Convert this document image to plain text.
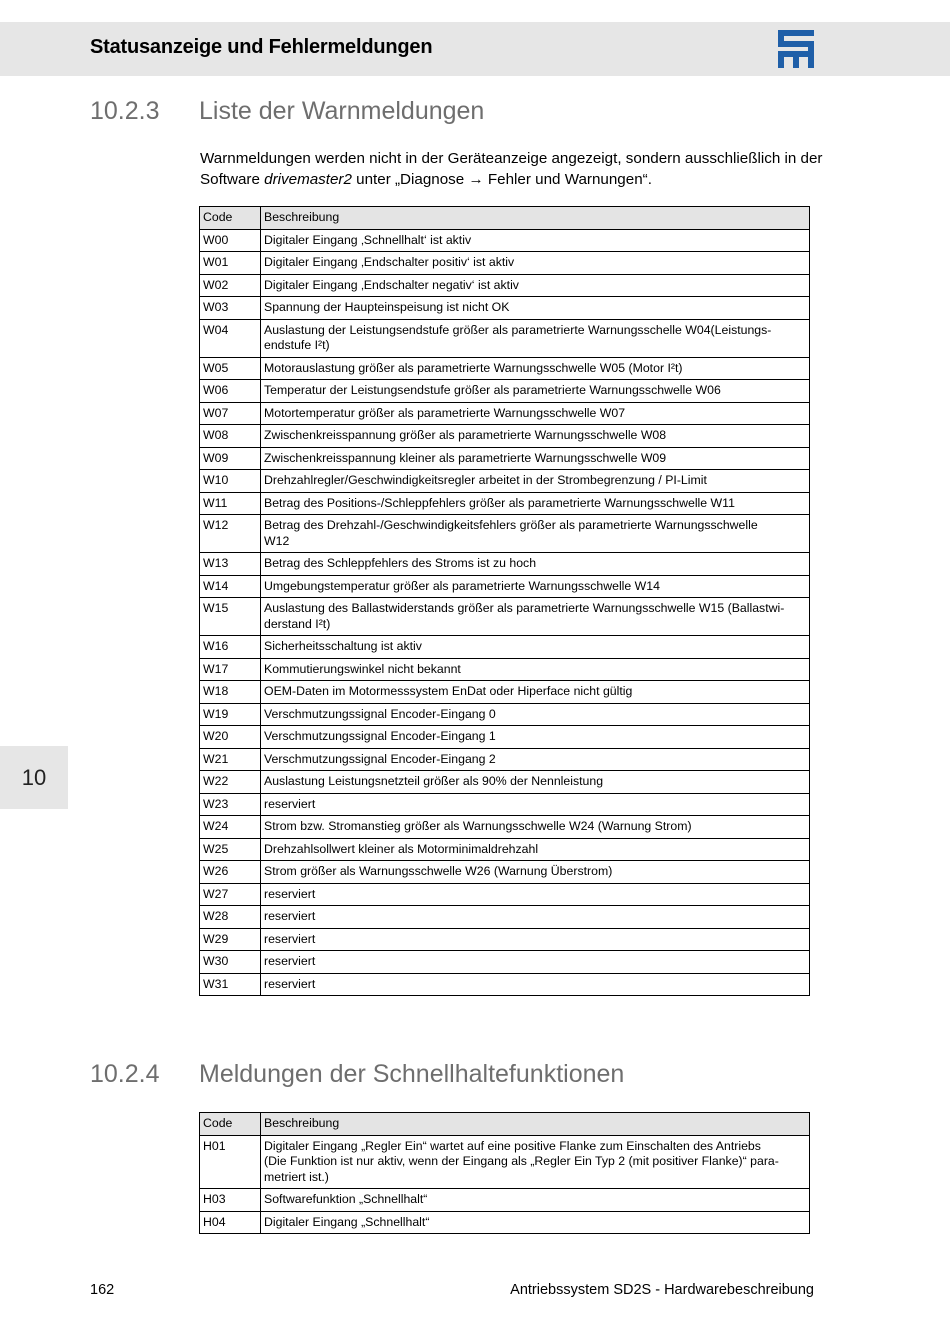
Statusanzeige und Fehlermeldungen
10.2.3 Liste der Warnmeldungen
Warnmeldungen werden nicht in der Geräteanzeige angezeigt, sondern ausschließlich in der Software drivemaster2 unter „Diagnose → Fehler und Warnungen“.
Code	Beschreibung
W00	Digitaler Eingang ‚Schnellhalt‘ ist aktiv
W01	Digitaler Eingang ‚Endschalter positiv‘ ist aktiv
W02	Digitaler Eingang ‚Endschalter negativ‘ ist aktiv
W03	Spannung der Haupteinspeisung ist nicht OK
W04	Auslastung der Leistungsendstufe größer als parametrierte Warnungsschelle W04(Leistungs-
endstufe I²t)
W05	Motorauslastung größer als parametrierte Warnungsschwelle W05 (Motor I²t)
W06	Temperatur der Leistungsendstufe größer als parametrierte Warnungsschwelle W06
W07	Motortemperatur größer als parametrierte Warnungsschwelle W07
W08	Zwischenkreisspannung größer als parametrierte Warnungsschwelle W08
W09	Zwischenkreisspannung kleiner als parametrierte Warnungsschwelle W09
W10	Drehzahlregler/Geschwindigkeitsregler arbeitet in der Strombegrenzung / PI-Limit
W11	Betrag des Positions-/Schleppfehlers größer als parametrierte Warnungsschwelle W11
W12	Betrag des Drehzahl-/Geschwindigkeitsfehlers größer als parametrierte Warnungsschwelle
W12
W13	Betrag des Schleppfehlers des Stroms ist zu hoch
W14	Umgebungstemperatur größer als parametrierte Warnungsschwelle W14
W15	Auslastung des Ballastwiderstands größer als parametrierte Warnungsschwelle W15 (Ballastwi-
derstand I²t)
W16	Sicherheitsschaltung ist aktiv
W17	Kommutierungswinkel nicht bekannt
W18	OEM-Daten im Motormesssystem EnDat oder Hiperface nicht gültig
W19	Verschmutzungssignal Encoder-Eingang 0
W20	Verschmutzungssignal Encoder-Eingang 1
W21	Verschmutzungssignal Encoder-Eingang 2
W22	Auslastung Leistungsnetzteil größer als 90% der Nennleistung
W23	reserviert
W24	Strom bzw. Stromanstieg größer als Warnungsschwelle W24 (Warnung Strom)
W25	Drehzahlsollwert kleiner als Motorminimaldrehzahl
W26	Strom größer als Warnungsschwelle W26 (Warnung Überstrom)
W27	reserviert
W28	reserviert
W29	reserviert
W30	reserviert
W31	reserviert
10.2.4 Meldungen der Schnellhaltefunktionen
Code	Beschreibung
H01	Digitaler Eingang „Regler Ein“ wartet auf eine positive Flanke zum Einschalten des Antriebs
(Die Funktion ist nur aktiv, wenn der Eingang als „Regler Ein Typ 2 (mit positiver Flanke)“ para-
metriert ist.)
H03	Softwarefunktion „Schnellhalt“
H04	Digitaler Eingang „Schnellhalt“
10
162	Antriebssystem SD2S - Hardwarebeschreibung
